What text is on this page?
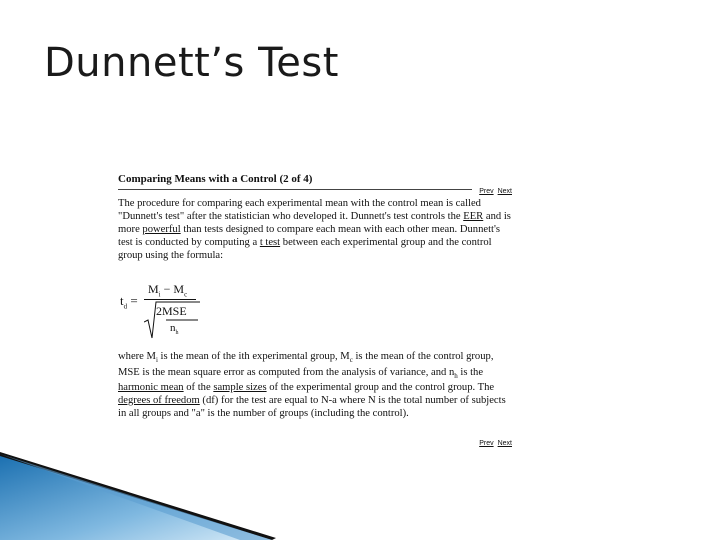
Dunnett’s Test
Comparing Means with a Control (2 of 4)
Prev Next
The procedure for comparing each experimental mean with the control mean is called "Dunnett's test" after the statistician who developed it. Dunnett's test controls the EER and is more powerful than tests designed to compare each mean with each other mean. Dunnett's test is conducted by computing a t test between each experimental group and the control group using the formula:
$t_d$ =
$M_i - M_c$
2MSE
$n_h$
where $M_i$ is the mean of the ith experimental group, $M_c$ is the mean of the control group, MSE is the mean square error as computed from the analysis of variance, and $n_h$ is the harmonic mean of the sample sizes of the experimental group and the control group. The degrees of freedom (df) for the test are equal to N-a where N is the total number of subjects in all groups and "a" is the number of groups (including the control).
Prev Next
